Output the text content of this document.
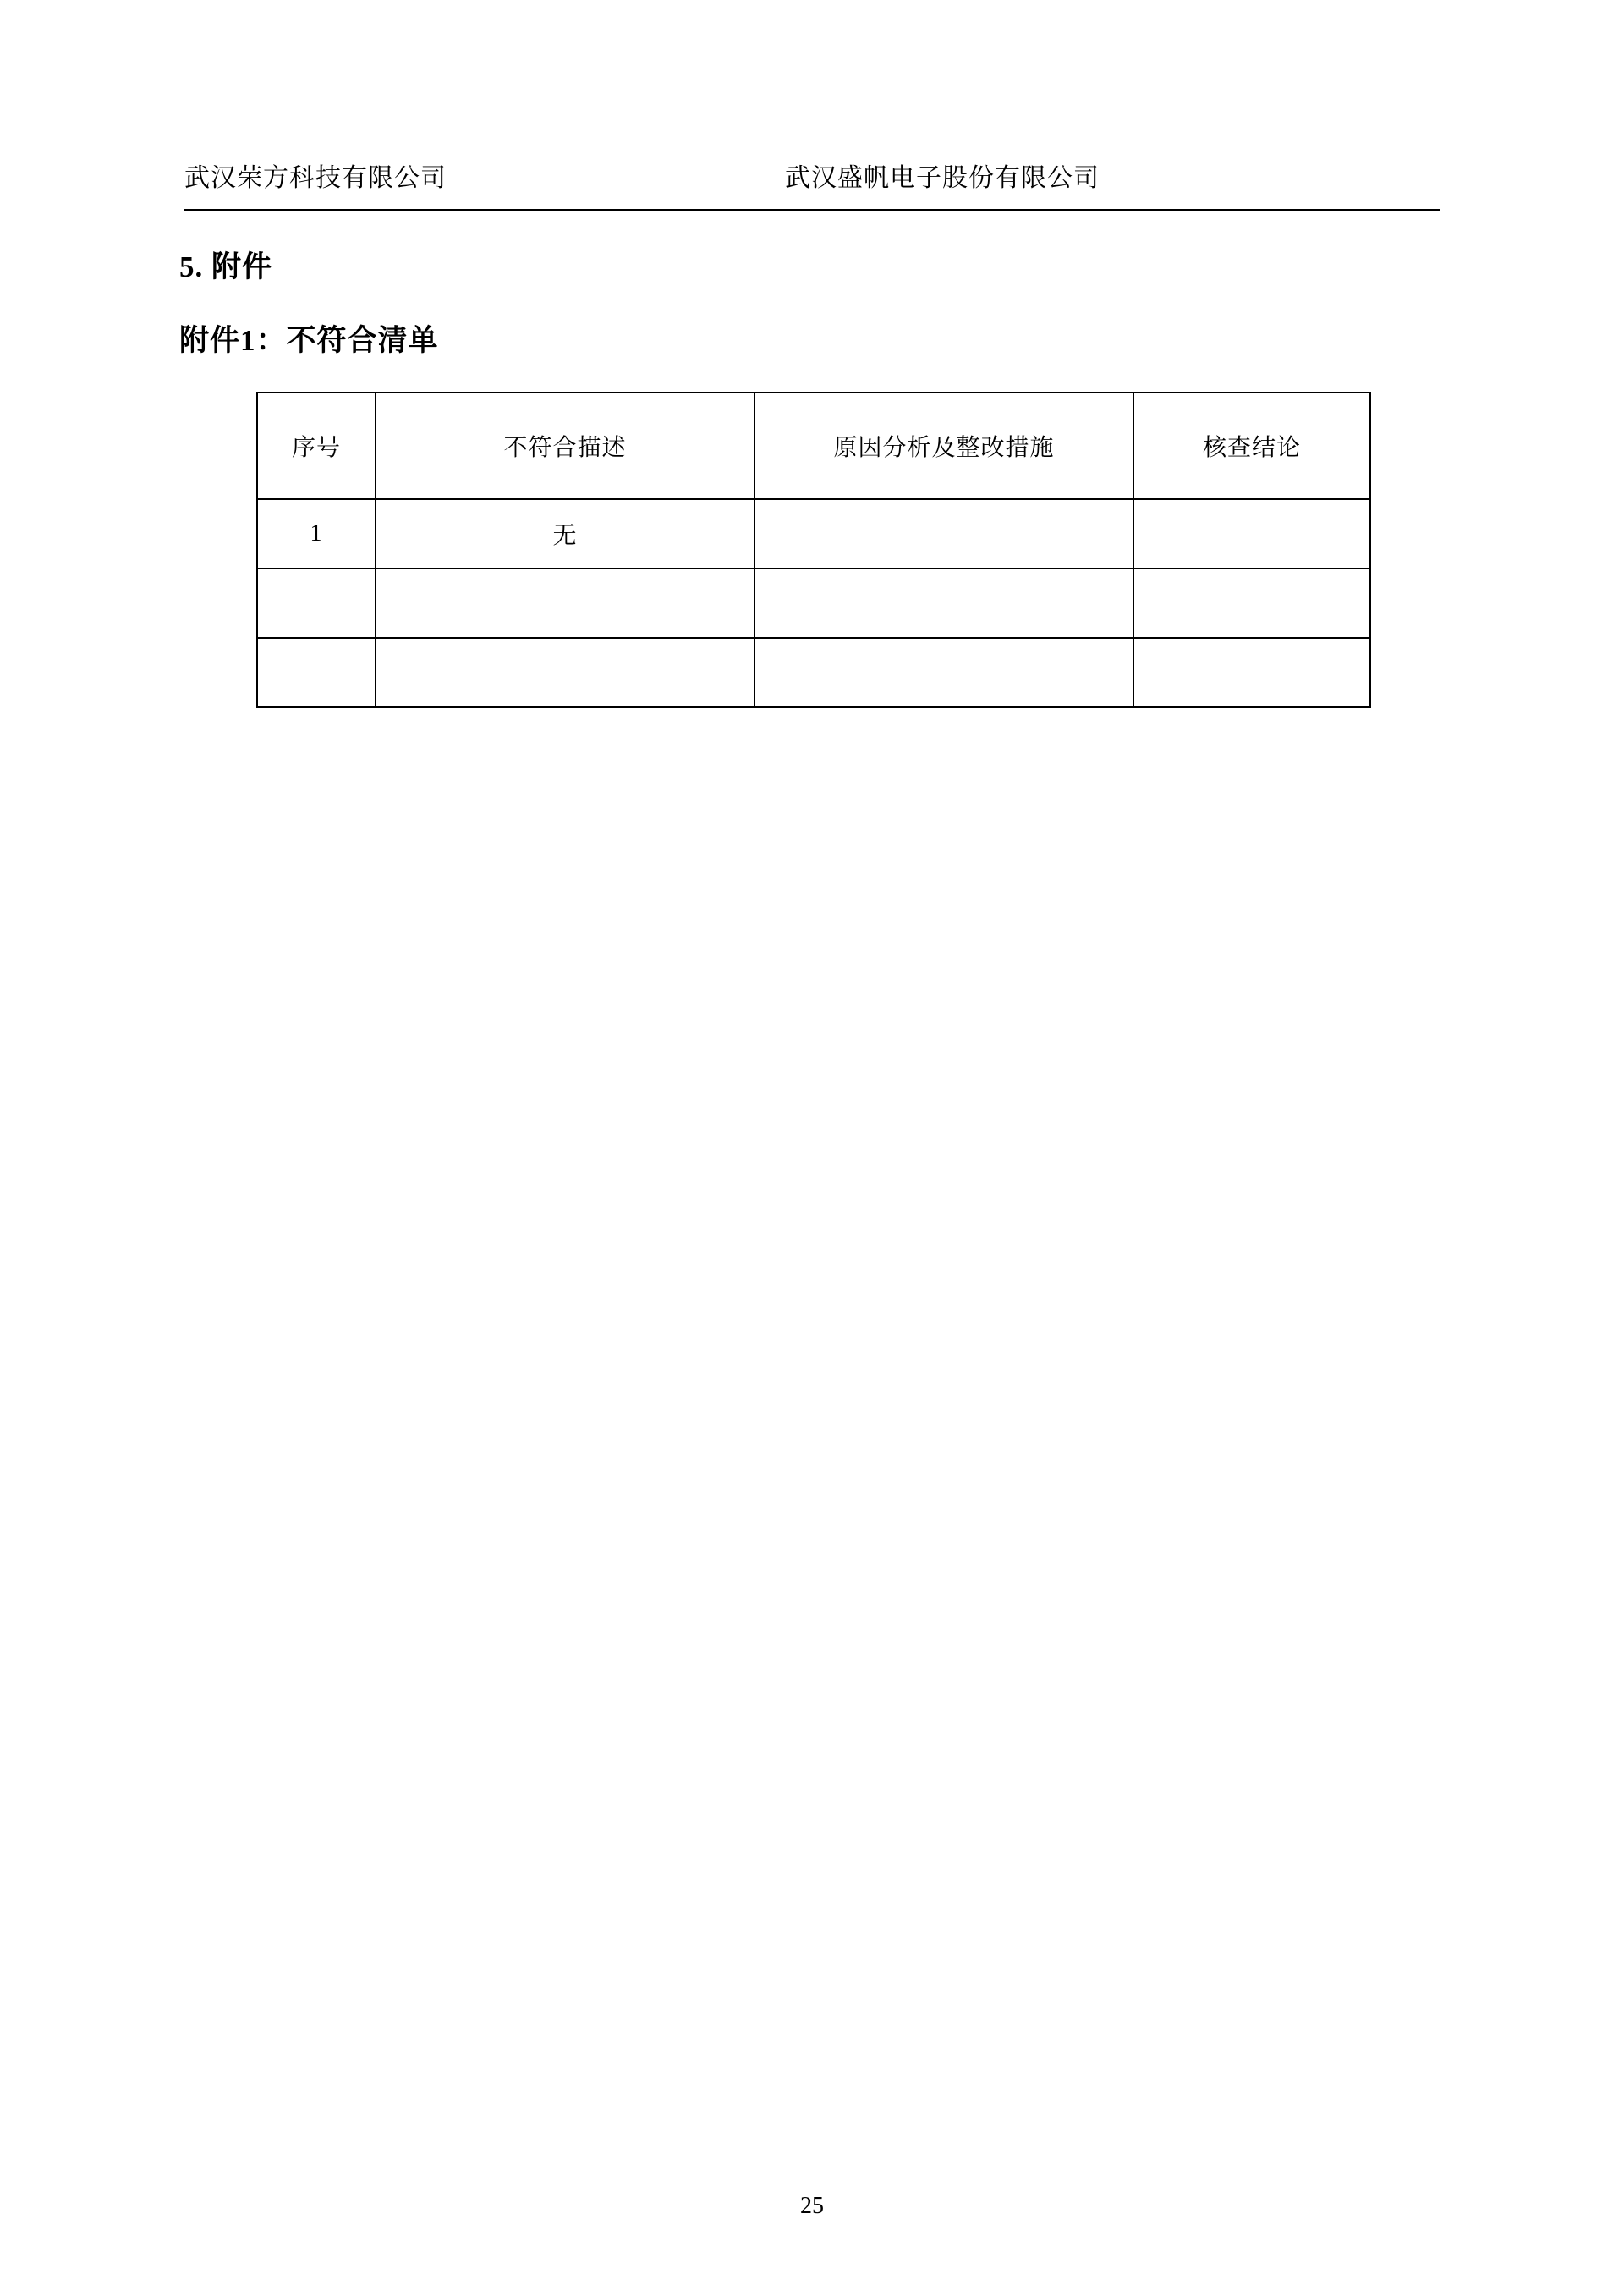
武汉荣方科技有限公司	武汉盛帆电子股份有限公司
5. 附件
附件1：不符合清单
序号	不符合描述	原因分析及整改措施	核查结论
1	无		

25
